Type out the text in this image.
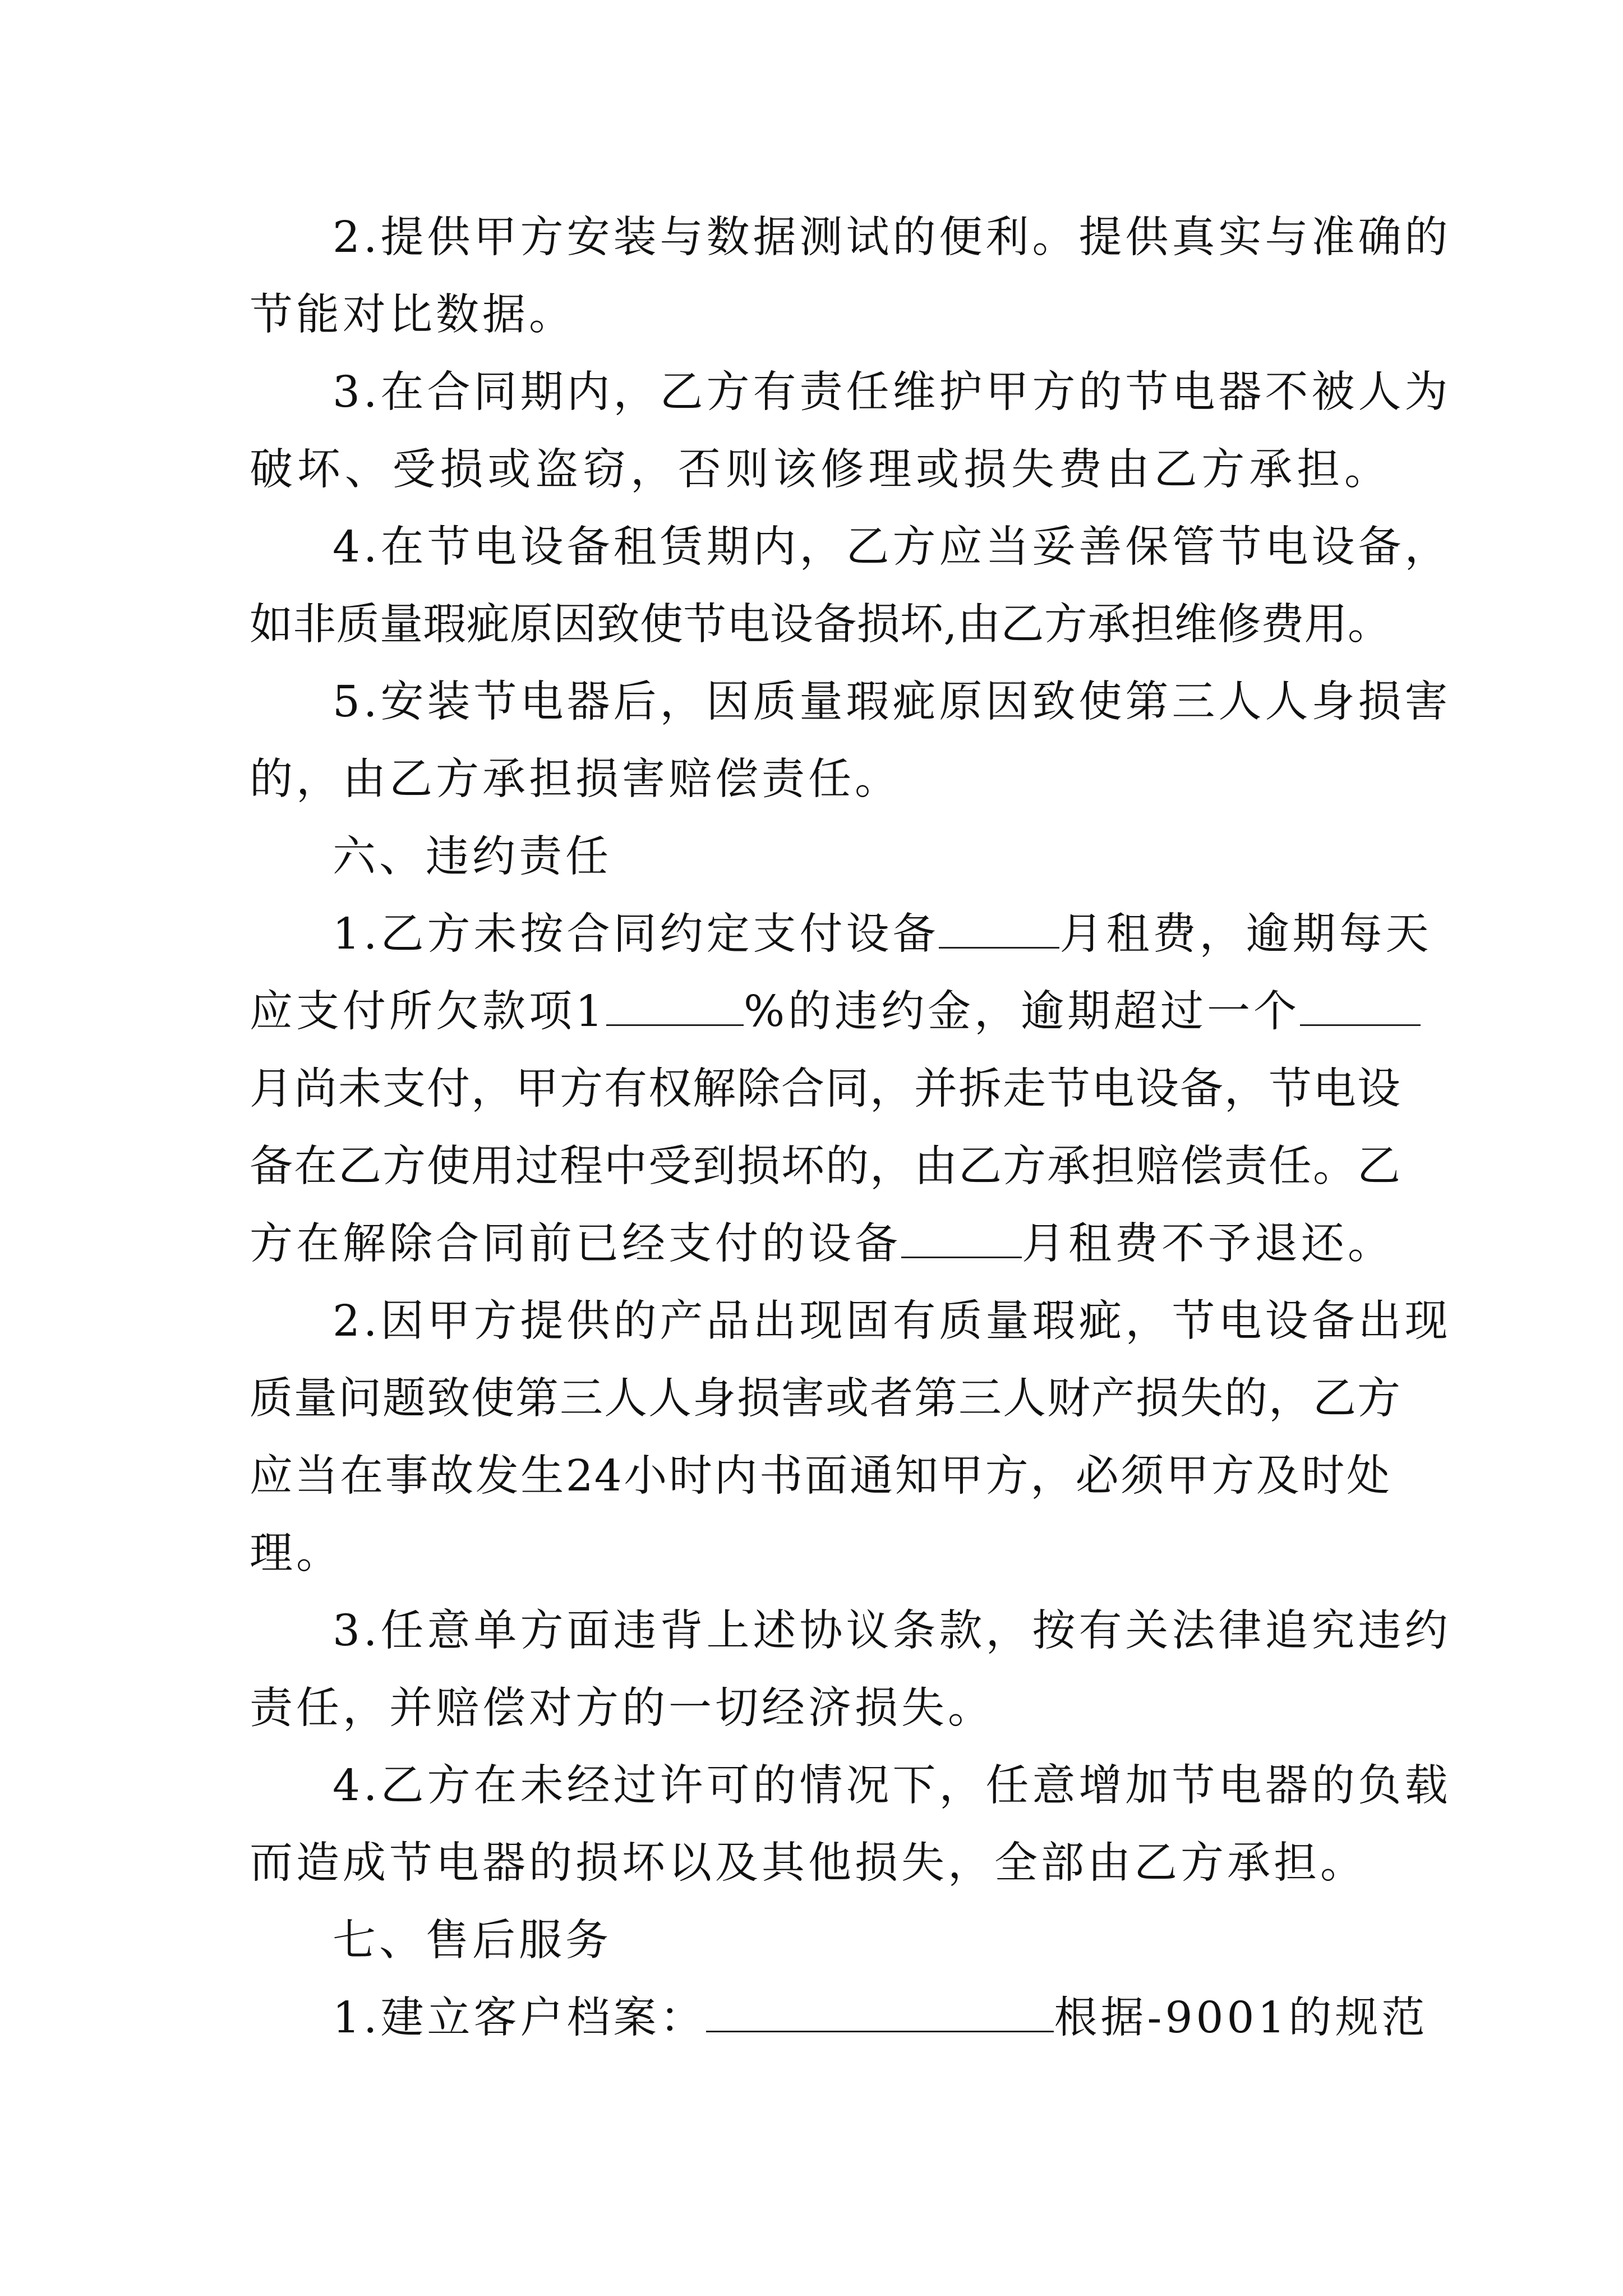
2.提供甲方安装与数据测试的便利。提供真实与准确的
节能对比数据。
3.在合同期内，乙方有责任维护甲方的节电器不被人为
破坏、受损或盗窃，否则该修理或损失费由乙方承担。
4.在节电设备租赁期内，乙方应当妥善保管节电设备，
如非质量瑕疵原因致使节电设备损坏,由乙方承担维修费用。
5.安装节电器后，因质量瑕疵原因致使第三人人身损害
的，由乙方承担损害赔偿责任。
六、违约责任
1.乙方未按合同约定支付设备	月租费，逾期每天
应支付所欠款项1	%的违约金，逾期超过一个
月尚未支付，甲方有权解除合同，并拆走节电设备，节电设
备在乙方使用过程中受到损坏的，由乙方承担赔偿责任。乙
方在解除合同前已经支付的设备	月租费不予退还。
2.因甲方提供的产品出现固有质量瑕疵，节电设备出现
质量问题致使第三人人身损害或者第三人财产损失的，乙方
应当在事故发生24小时内书面通知甲方，必须甲方及时处
理。
3.任意单方面违背上述协议条款，按有关法律追究违约
责任，并赔偿对方的一切经济损失。
4.乙方在未经过许可的情况下，任意增加节电器的负载
而造成节电器的损坏以及其他损失，全部由乙方承担。
七、售后服务
1.建立客户档案：	根据-9001的规范
